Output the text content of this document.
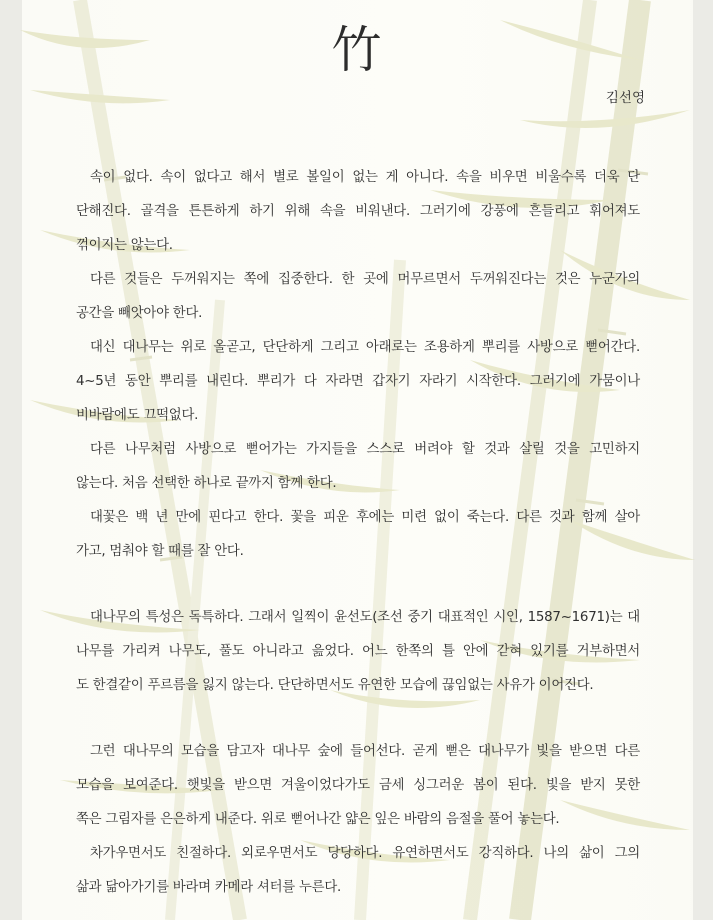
竹
김선영
속이 없다. 속이 없다고 해서 별로 볼일이 없는 게 아니다. 속을 비우면 비울수록 더욱 단
단해진다. 골격을 튼튼하게 하기 위해 속을 비워낸다. 그러기에 강풍에 흔들리고 휘어져도
꺾이지는 않는다.
다른 것들은 두꺼워지는 쪽에 집중한다. 한 곳에 머무르면서 두꺼워진다는 것은 누군가의
공간을 빼앗아야 한다.
대신 대나무는 위로 올곧고, 단단하게 그리고 아래로는 조용하게 뿌리를 사방으로 뻗어간다.
4~5년 동안 뿌리를 내린다. 뿌리가 다 자라면 갑자기 자라기 시작한다. 그러기에 가뭄이나
비바람에도 끄떡없다.
다른 나무처럼 사방으로 뻗어가는 가지들을 스스로 버려야 할 것과 살릴 것을 고민하지
않는다. 처음 선택한 하나로 끝까지 함께 한다.
대꽃은 백 년 만에 핀다고 한다. 꽃을 피운 후에는 미련 없이 죽는다. 다른 것과 함께 살아
가고, 멈춰야 할 때를 잘 안다.
대나무의 특성은 독특하다. 그래서 일찍이 윤선도(조선 중기 대표적인 시인, 1587~1671)는 대
나무를 가리켜 나무도, 풀도 아니라고 읊었다. 어느 한쪽의 틀 안에 갇혀 있기를 거부하면서
도 한결같이 푸르름을 잃지 않는다. 단단하면서도 유연한 모습에 끊임없는 사유가 이어진다.
그런 대나무의 모습을 담고자 대나무 숲에 들어선다. 곧게 뻗은 대나무가 빛을 받으면 다른
모습을 보여준다. 햇빛을 받으면 겨울이었다가도 금세 싱그러운 봄이 된다. 빛을 받지 못한
쪽은 그림자를 은은하게 내준다. 위로 뻗어나간 얇은 잎은 바람의 음절을 풀어 놓는다.
차가우면서도 친절하다. 외로우면서도 당당하다. 유연하면서도 강직하다. 나의 삶이 그의
삶과 닮아가기를 바라며 카메라 셔터를 누른다.
